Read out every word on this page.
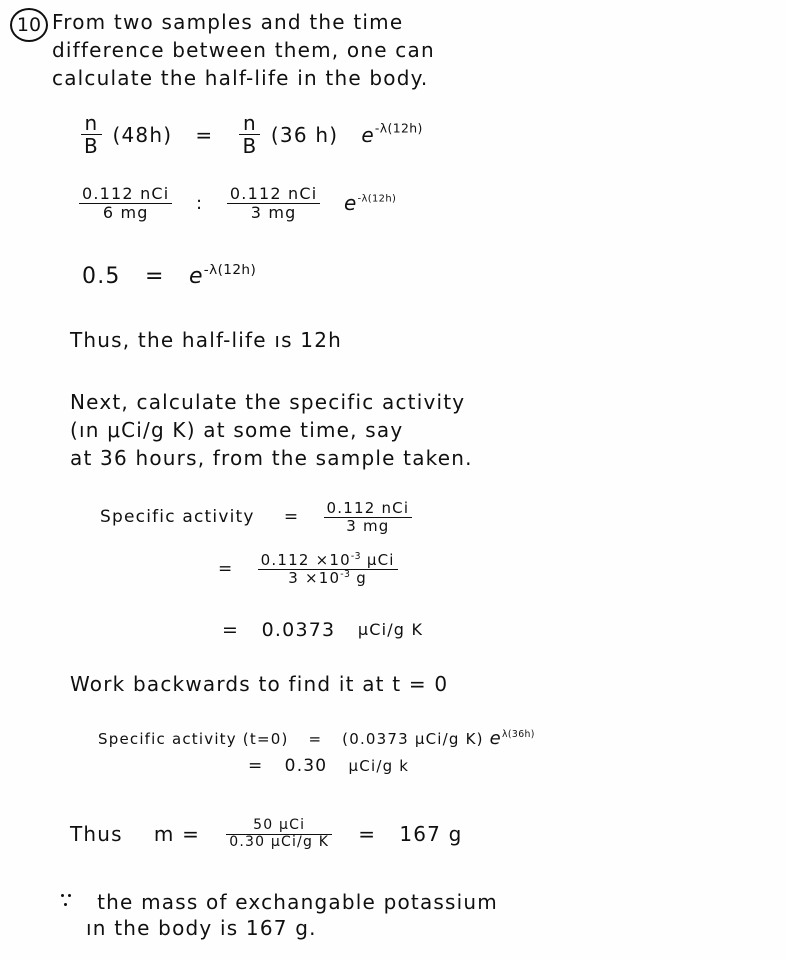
10 From two samples and the time
difference between them, one can
calculate the half-life in the body.
$\frac{n}{B} (48h) = \frac{n}{B} (36$ h) $e^{-\lambda(12h)}$
$\frac{\text{0.112 nCi}}{6 mg}$ : $\frac{\text{0.112 nCi}}{3 mg} e^{-\lambda(12h)}$
$0.5 = e^{-\lambda(12h)}$
Thus, the half-life ıs 12h
Next, calculate the specific activity
(ın μCi/g K) at some time, say
at 36 hours, from the sample taken.
Specific activity = $\frac{\text{0.112 nCi}}{3 mg}$
= $\frac{0.112 \times 10^{-3} \mu Ci}{3 \times 10^{-3} g}$
= 0.0373 μCi/g K
Work backwards to find it at t = 0
Specific activity (t=0) = (0.0373 μCi/g K) $e^{\lambda(36h)}$
= 0.30 μCi/g k
Thus $m = \frac{\text{50 μCi}}{\text{0.30 μCi/g K}} = 167$ g
the mass of exchangable potassium
ın the body is 167 g.
